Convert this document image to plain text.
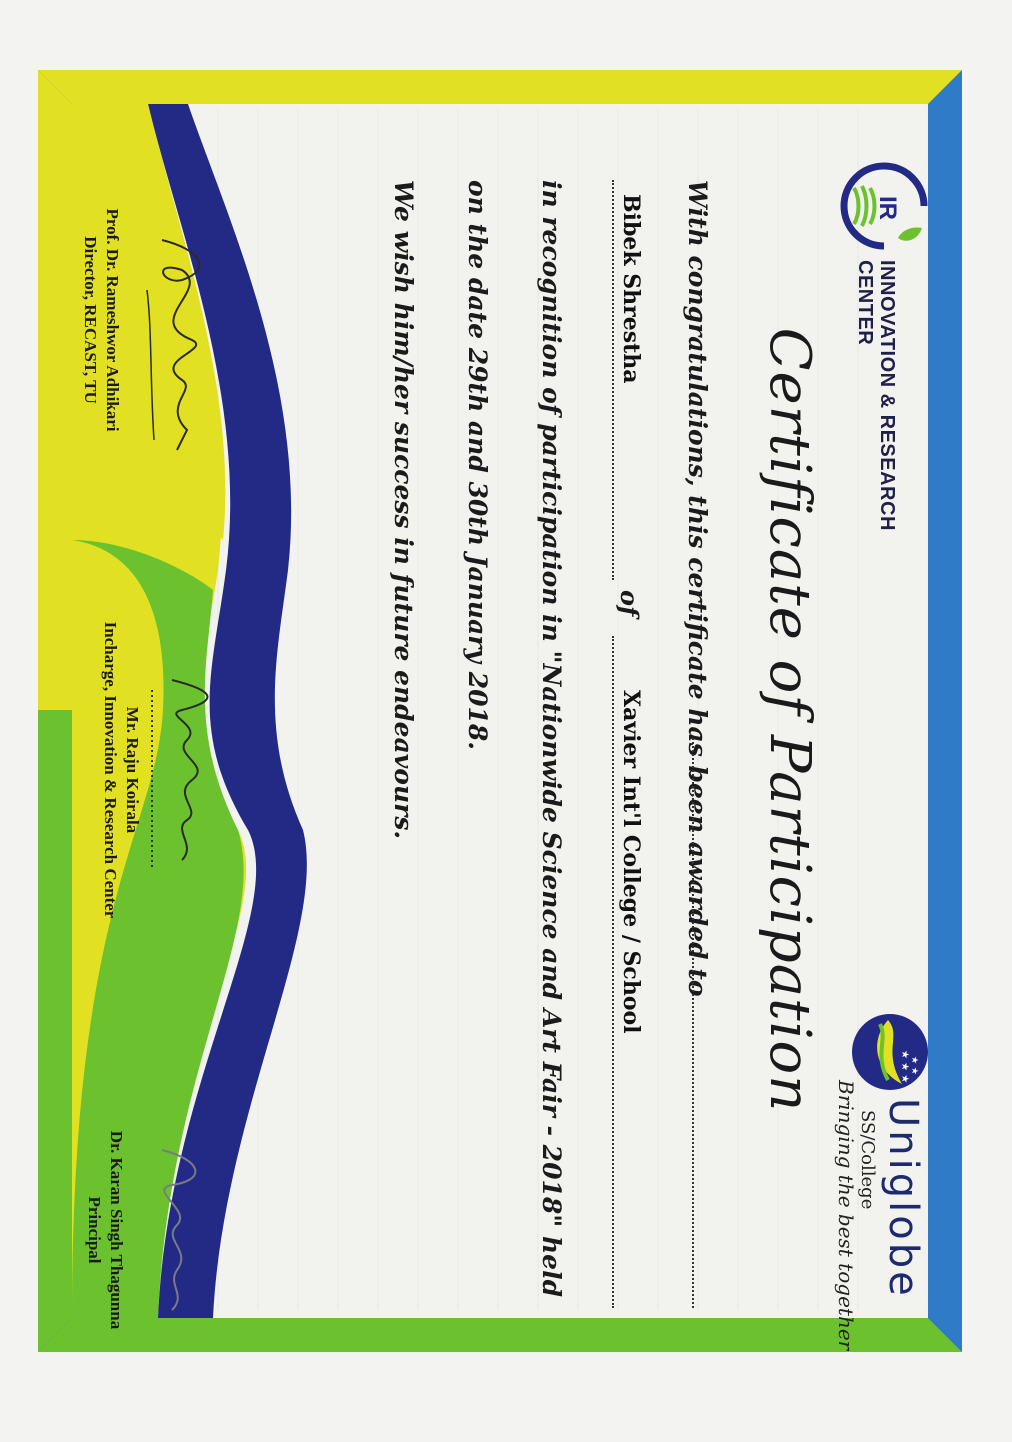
IR
INNOVATION & RESEARCH
CENTER
★ ★ ★ ★ ★
Uniglobe
SS/College
Bringing the best together
Certificate of Participation
With congratulations, this certificate has been awarded to
Bibek Shrestha
of
Xavier Int'l College / School
in recognition of participation in "Nationwide Science and Art Fair - 2018" held
on the date 29th and 30th January 2018.
We wish him/her success in future endeavours.
Prof. Dr. Rameshwor Adhikari
Director, RECAST, TU
Mr. Raju Koirala
Incharge, Innovation & Research Center
Dr. Karan Singh Thagunna
Principal
